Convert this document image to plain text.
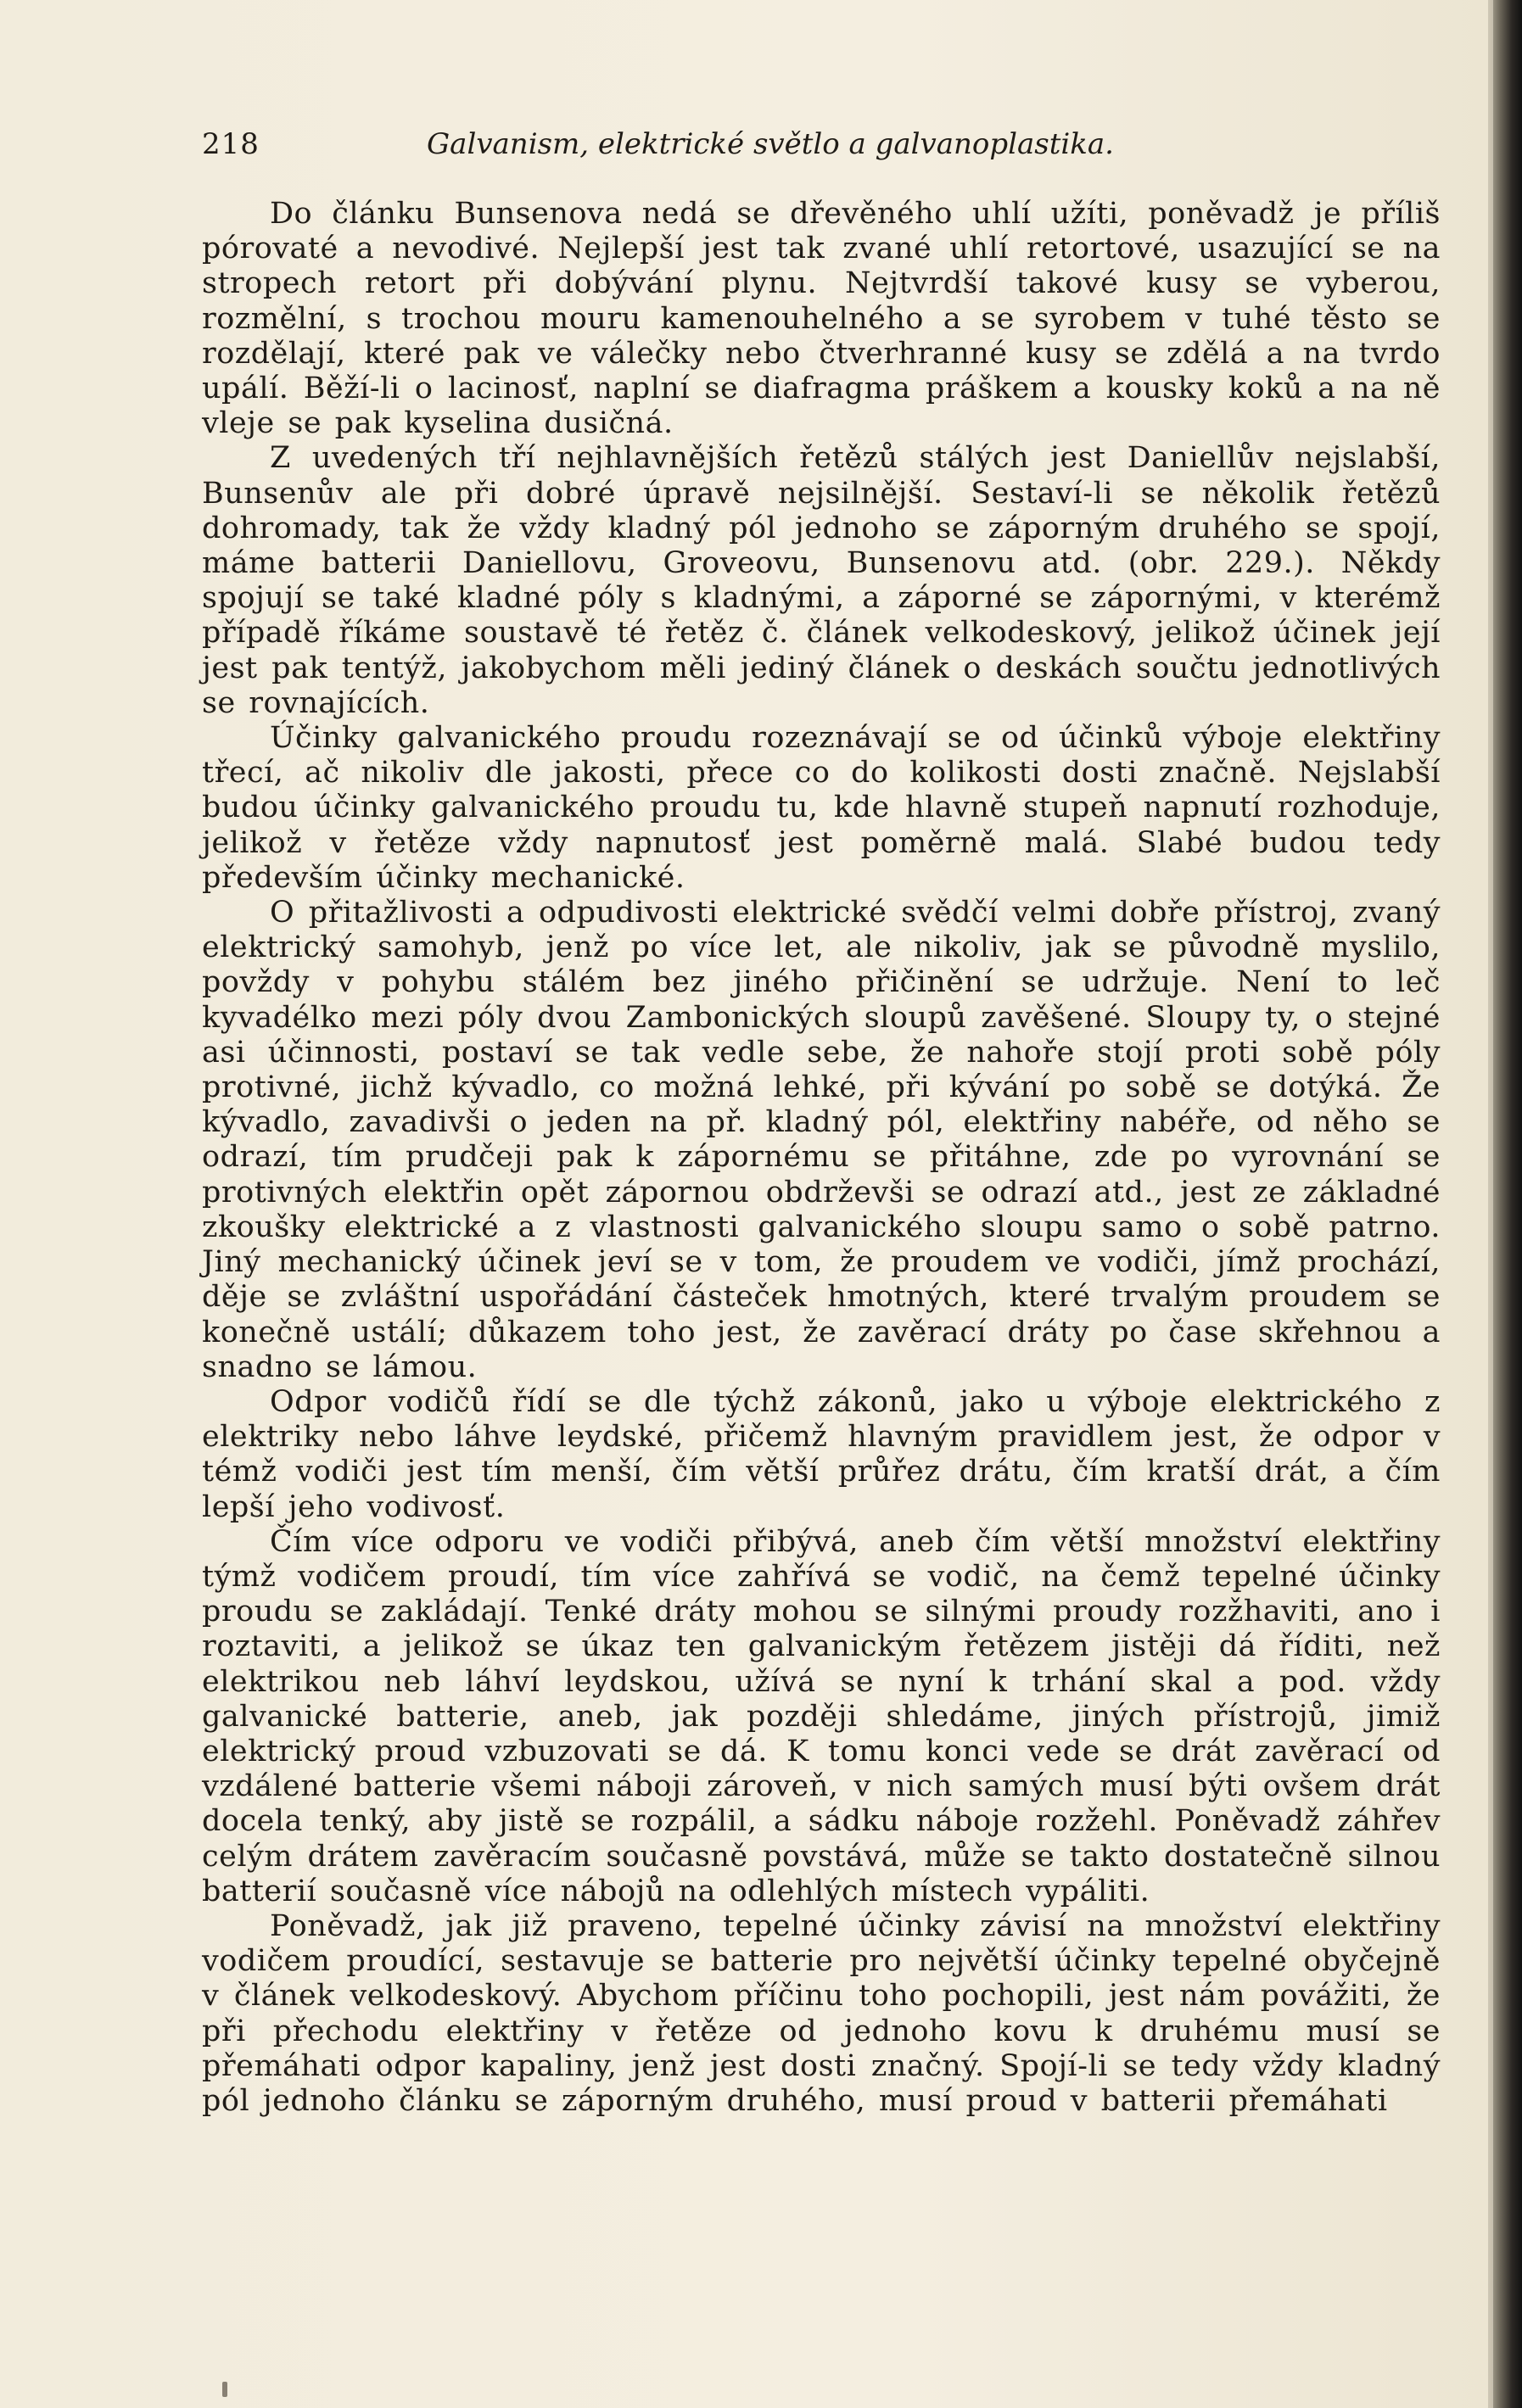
218	Galvanism, elektrické světlo a galvanoplastika.

Do článku Bunsenova nedá se dřevěného uhlí užíti, poněvadž je příliš pórovaté a nevodivé. Nejlepší jest tak zvané uhlí retortové, usazující se na stropech retort při dobývání plynu. Nejtvrdší takové kusy se vyberou, rozmělní, s trochou mouru kamenouhelného a se syrobem v tuhé těsto se rozdělají, které pak ve válečky nebo čtverhranné kusy se zdělá a na tvrdo upálí. Běží-li o lacinosť, naplní se diafragma práškem a kousky koků a na ně vleje se pak kyselina dusičná.

Z uvedených tří nejhlavnějších řetězů stálých jest Daniellův nejslabší, Bunsenův ale při dobré úpravě nejsilnější. Sestaví-li se několik řetězů dohromady, tak že vždy kladný pól jednoho se záporným druhého se spojí, máme batterii Daniellovu, Groveovu, Bunsenovu atd. (obr. 229.). Někdy spojují se také kladné póly s kladnými, a záporné se zápornými, v kterémž případě říkáme soustavě té řetěz č. článek velkodeskový, jelikož účinek její jest pak tentýž, jakobychom měli jediný článek o deskách součtu jednotlivých se rovnajících.

Účinky galvanického proudu rozeznávají se od účinků výboje elektřiny třecí, ač nikoliv dle jakosti, přece co do kolikosti dosti značně. Nejslabší budou účinky galvanického proudu tu, kde hlavně stupeň napnutí rozhoduje, jelikož v řetěze vždy napnutosť jest poměrně malá. Slabé budou tedy především účinky mechanické.

O přitažlivosti a odpudivosti elektrické svědčí velmi dobře přístroj, zvaný elektrický samohyb, jenž po více let, ale nikoliv, jak se původně myslilo, povždy v pohybu stálém bez jiného přičinění se udržuje. Není to leč kyvadélko mezi póly dvou Zambonických sloupů zavěšené. Sloupy ty, o stejné asi účinnosti, postaví se tak vedle sebe, že nahoře stojí proti sobě póly protivné, jichž kývadlo, co možná lehké, při kývání po sobě se dotýká. Že kývadlo, zavadivši o jeden na př. kladný pól, elektřiny nabéře, od něho se odrazí, tím prudčeji pak k zápornému se přitáhne, zde po vyrovnání se protivných elektřin opět zápornou obdrževši se odrazí atd., jest ze základné zkoušky elektrické a z vlastnosti galvanického sloupu samo o sobě patrno. Jiný mechanický účinek jeví se v tom, že proudem ve vodiči, jímž prochází, děje se zvláštní uspořádání částeček hmotných, které trvalým proudem se konečně ustálí; důkazem toho jest, že zavěrací dráty po čase skřehnou a snadno se lámou.

Odpor vodičů řídí se dle týchž zákonů, jako u výboje elektrického z elektriky nebo láhve leydské, přičemž hlavným pravidlem jest, že odpor v témž vodiči jest tím menší, čím větší průřez drátu, čím kratší drát, a čím lepší jeho vodivosť.

Čím více odporu ve vodiči přibývá, aneb čím větší množství elektřiny týmž vodičem proudí, tím více zahřívá se vodič, na čemž tepelné účinky proudu se zakládají. Tenké dráty mohou se silnými proudy rozžhaviti, ano i roztaviti, a jelikož se úkaz ten galvanickým řetězem jistěji dá říditi, než elektrikou neb láhví leydskou, užívá se nyní k trhání skal a pod. vždy galvanické batterie, aneb, jak později shledáme, jiných přístrojů, jimiž elektrický proud vzbuzovati se dá. K tomu konci vede se drát zavěrací od vzdálené batterie všemi náboji zároveň, v nich samých musí býti ovšem drát docela tenký, aby jistě se rozpálil, a sádku náboje rozžehl. Poněvadž záhřev celým drátem zavěracím současně povstává, může se takto dostatečně silnou batterií současně více nábojů na odlehlých místech vypáliti.

Poněvadž, jak již praveno, tepelné účinky závisí na množství elektřiny vodičem proudící, sestavuje se batterie pro největší účinky tepelné obyčejně v článek velkodeskový. Abychom příčinu toho pochopili, jest nám povážiti, že při přechodu elektřiny v řetěze od jednoho kovu k druhému musí se přemáhati odpor kapaliny, jenž jest dosti značný. Spojí-li se tedy vždy kladný pól jednoho článku se záporným druhého, musí proud v batterii přemáhati
